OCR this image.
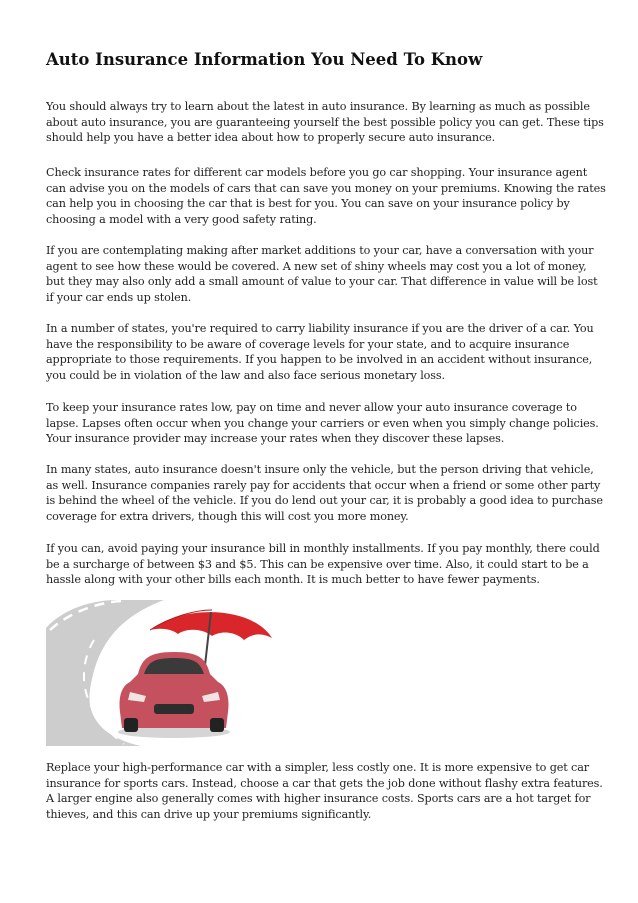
Auto Insurance Information You Need To Know

You should always try to learn about the latest in auto insurance. By learning as much as possible about auto insurance, you are guaranteeing yourself the best possible policy you can get. These tips should help you have a better idea about how to properly secure auto insurance.

Check insurance rates for different car models before you go car shopping. Your insurance agent can advise you on the models of cars that can save you money on your premiums. Knowing the rates can help you in choosing the car that is best for you. You can save on your insurance policy by choosing a model with a very good safety rating.

If you are contemplating making after market additions to your car, have a conversation with your agent to see how these would be covered. A new set of shiny wheels may cost you a lot of money, but they may also only add a small amount of value to your car. That difference in value will be lost if your car ends up stolen.

In a number of states, you're required to carry liability insurance if you are the driver of a car. You have the responsibility to be aware of coverage levels for your state, and to acquire insurance appropriate to those requirements. If you happen to be involved in an accident without insurance, you could be in violation of the law and also face serious monetary loss.

To keep your insurance rates low, pay on time and never allow your auto insurance coverage to lapse. Lapses often occur when you change your carriers or even when you simply change policies. Your insurance provider may increase your rates when they discover these lapses.

In many states, auto insurance doesn't insure only the vehicle, but the person driving that vehicle, as well. Insurance companies rarely pay for accidents that occur when a friend or some other party is behind the wheel of the vehicle. If you do lend out your car, it is probably a good idea to purchase coverage for extra drivers, though this will cost you more money.

If you can, avoid paying your insurance bill in monthly installments. If you pay monthly, there could be a surcharge of between $3 and $5. This can be expensive over time. Also, it could start to be a hassle along with your other bills each month. It is much better to have fewer payments.

Replace your high-performance car with a simpler, less costly one. It is more expensive to get car insurance for sports cars. Instead, choose a car that gets the job done without flashy extra features. A larger engine also generally comes with higher insurance costs. Sports cars are a hot target for thieves, and this can drive up your premiums significantly.
